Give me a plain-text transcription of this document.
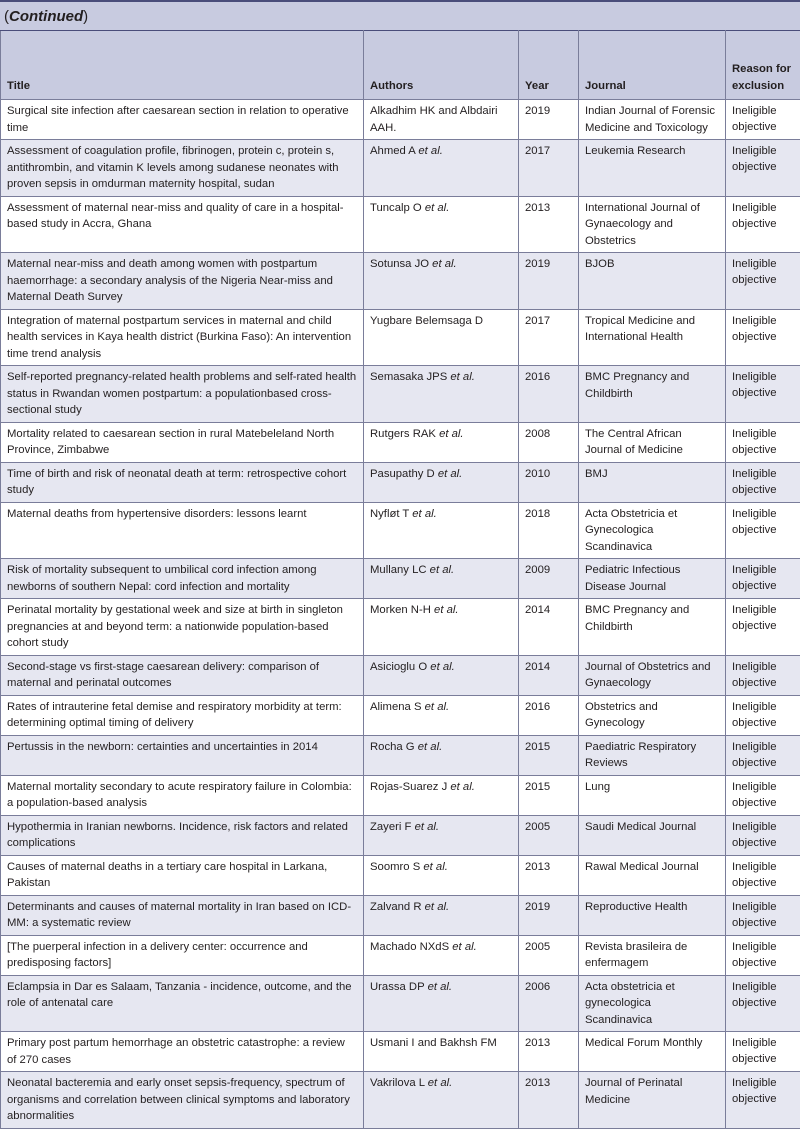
(Continued)
Title	Authors	Year	Journal	Reason for exclusion
Surgical site infection after caesarean section in relation to operative time	Alkadhim HK and Albdairi AAH.	2019	Indian Journal of Forensic Medicine and Toxicology	Ineligible objective
Assessment of coagulation profile, fibrinogen, protein c, protein s, antithrombin, and vitamin K levels among sudanese neonates with proven sepsis in omdurman maternity hospital, sudan	Ahmed A et al.	2017	Leukemia Research	Ineligible objective
Assessment of maternal near-miss and quality of care in a hospital-based study in Accra, Ghana	Tuncalp O et al.	2013	International Journal of Gynaecology and Obstetrics	Ineligible objective
Maternal near-miss and death among women with postpartum haemorrhage: a secondary analysis of the Nigeria Near-miss and Maternal Death Survey	Sotunsa JO et al.	2019	BJOB	Ineligible objective
Integration of maternal postpartum services in maternal and child health services in Kaya health district (Burkina Faso): An intervention time trend analysis	Yugbare Belemsaga D	2017	Tropical Medicine and International Health	Ineligible objective
Self-reported pregnancy-related health problems and self-rated health status in Rwandan women postpartum: a populationbased cross-sectional study	Semasaka JPS et al.	2016	BMC Pregnancy and Childbirth	Ineligible objective
Mortality related to caesarean section in rural Matebeleland North Province, Zimbabwe	Rutgers RAK et al.	2008	The Central African Journal of Medicine	Ineligible objective
Time of birth and risk of neonatal death at term: retrospective cohort study	Pasupathy D et al.	2010	BMJ	Ineligible objective
Maternal deaths from hypertensive disorders: lessons learnt	Nyfløt T et al.	2018	Acta Obstetricia et Gynecologica Scandinavica	Ineligible objective
Risk of mortality subsequent to umbilical cord infection among newborns of southern Nepal: cord infection and mortality	Mullany LC et al.	2009	Pediatric Infectious Disease Journal	Ineligible objective
Perinatal mortality by gestational week and size at birth in singleton pregnancies at and beyond term: a nationwide population-based cohort study	Morken N-H et al.	2014	BMC Pregnancy and Childbirth	Ineligible objective
Second-stage vs first-stage caesarean delivery: comparison of maternal and perinatal outcomes	Asicioglu O et al.	2014	Journal of Obstetrics and Gynaecology	Ineligible objective
Rates of intrauterine fetal demise and respiratory morbidity at term: determining optimal timing of delivery	Alimena S et al.	2016	Obstetrics and Gynecology	Ineligible objective
Pertussis in the newborn: certainties and uncertainties in 2014	Rocha G et al.	2015	Paediatric Respiratory Reviews	Ineligible objective
Maternal mortality secondary to acute respiratory failure in Colombia: a population-based analysis	Rojas-Suarez J et al.	2015	Lung	Ineligible objective
Hypothermia in Iranian newborns. Incidence, risk factors and related complications	Zayeri F et al.	2005	Saudi Medical Journal	Ineligible objective
Causes of maternal deaths in a tertiary care hospital in Larkana, Pakistan	Soomro S et al.	2013	Rawal Medical Journal	Ineligible objective
Determinants and causes of maternal mortality in Iran based on ICD-MM: a systematic review	Zalvand R et al.	2019	Reproductive Health	Ineligible objective
[The puerperal infection in a delivery center: occurrence and predisposing factors]	Machado NXdS et al.	2005	Revista brasileira de enfermagem	Ineligible objective
Eclampsia in Dar es Salaam, Tanzania - incidence, outcome, and the role of antenatal care	Urassa DP et al.	2006	Acta obstetricia et gynecologica Scandinavica	Ineligible objective
Primary post partum hemorrhage an obstetric catastrophe: a review of 270 cases	Usmani I and Bakhsh FM	2013	Medical Forum Monthly	Ineligible objective
Neonatal bacteremia and early onset sepsis-frequency, spectrum of organisms and correlation between clinical symptoms and laboratory abnormalities	Vakrilova L et al.	2013	Journal of Perinatal Medicine	Ineligible objective
